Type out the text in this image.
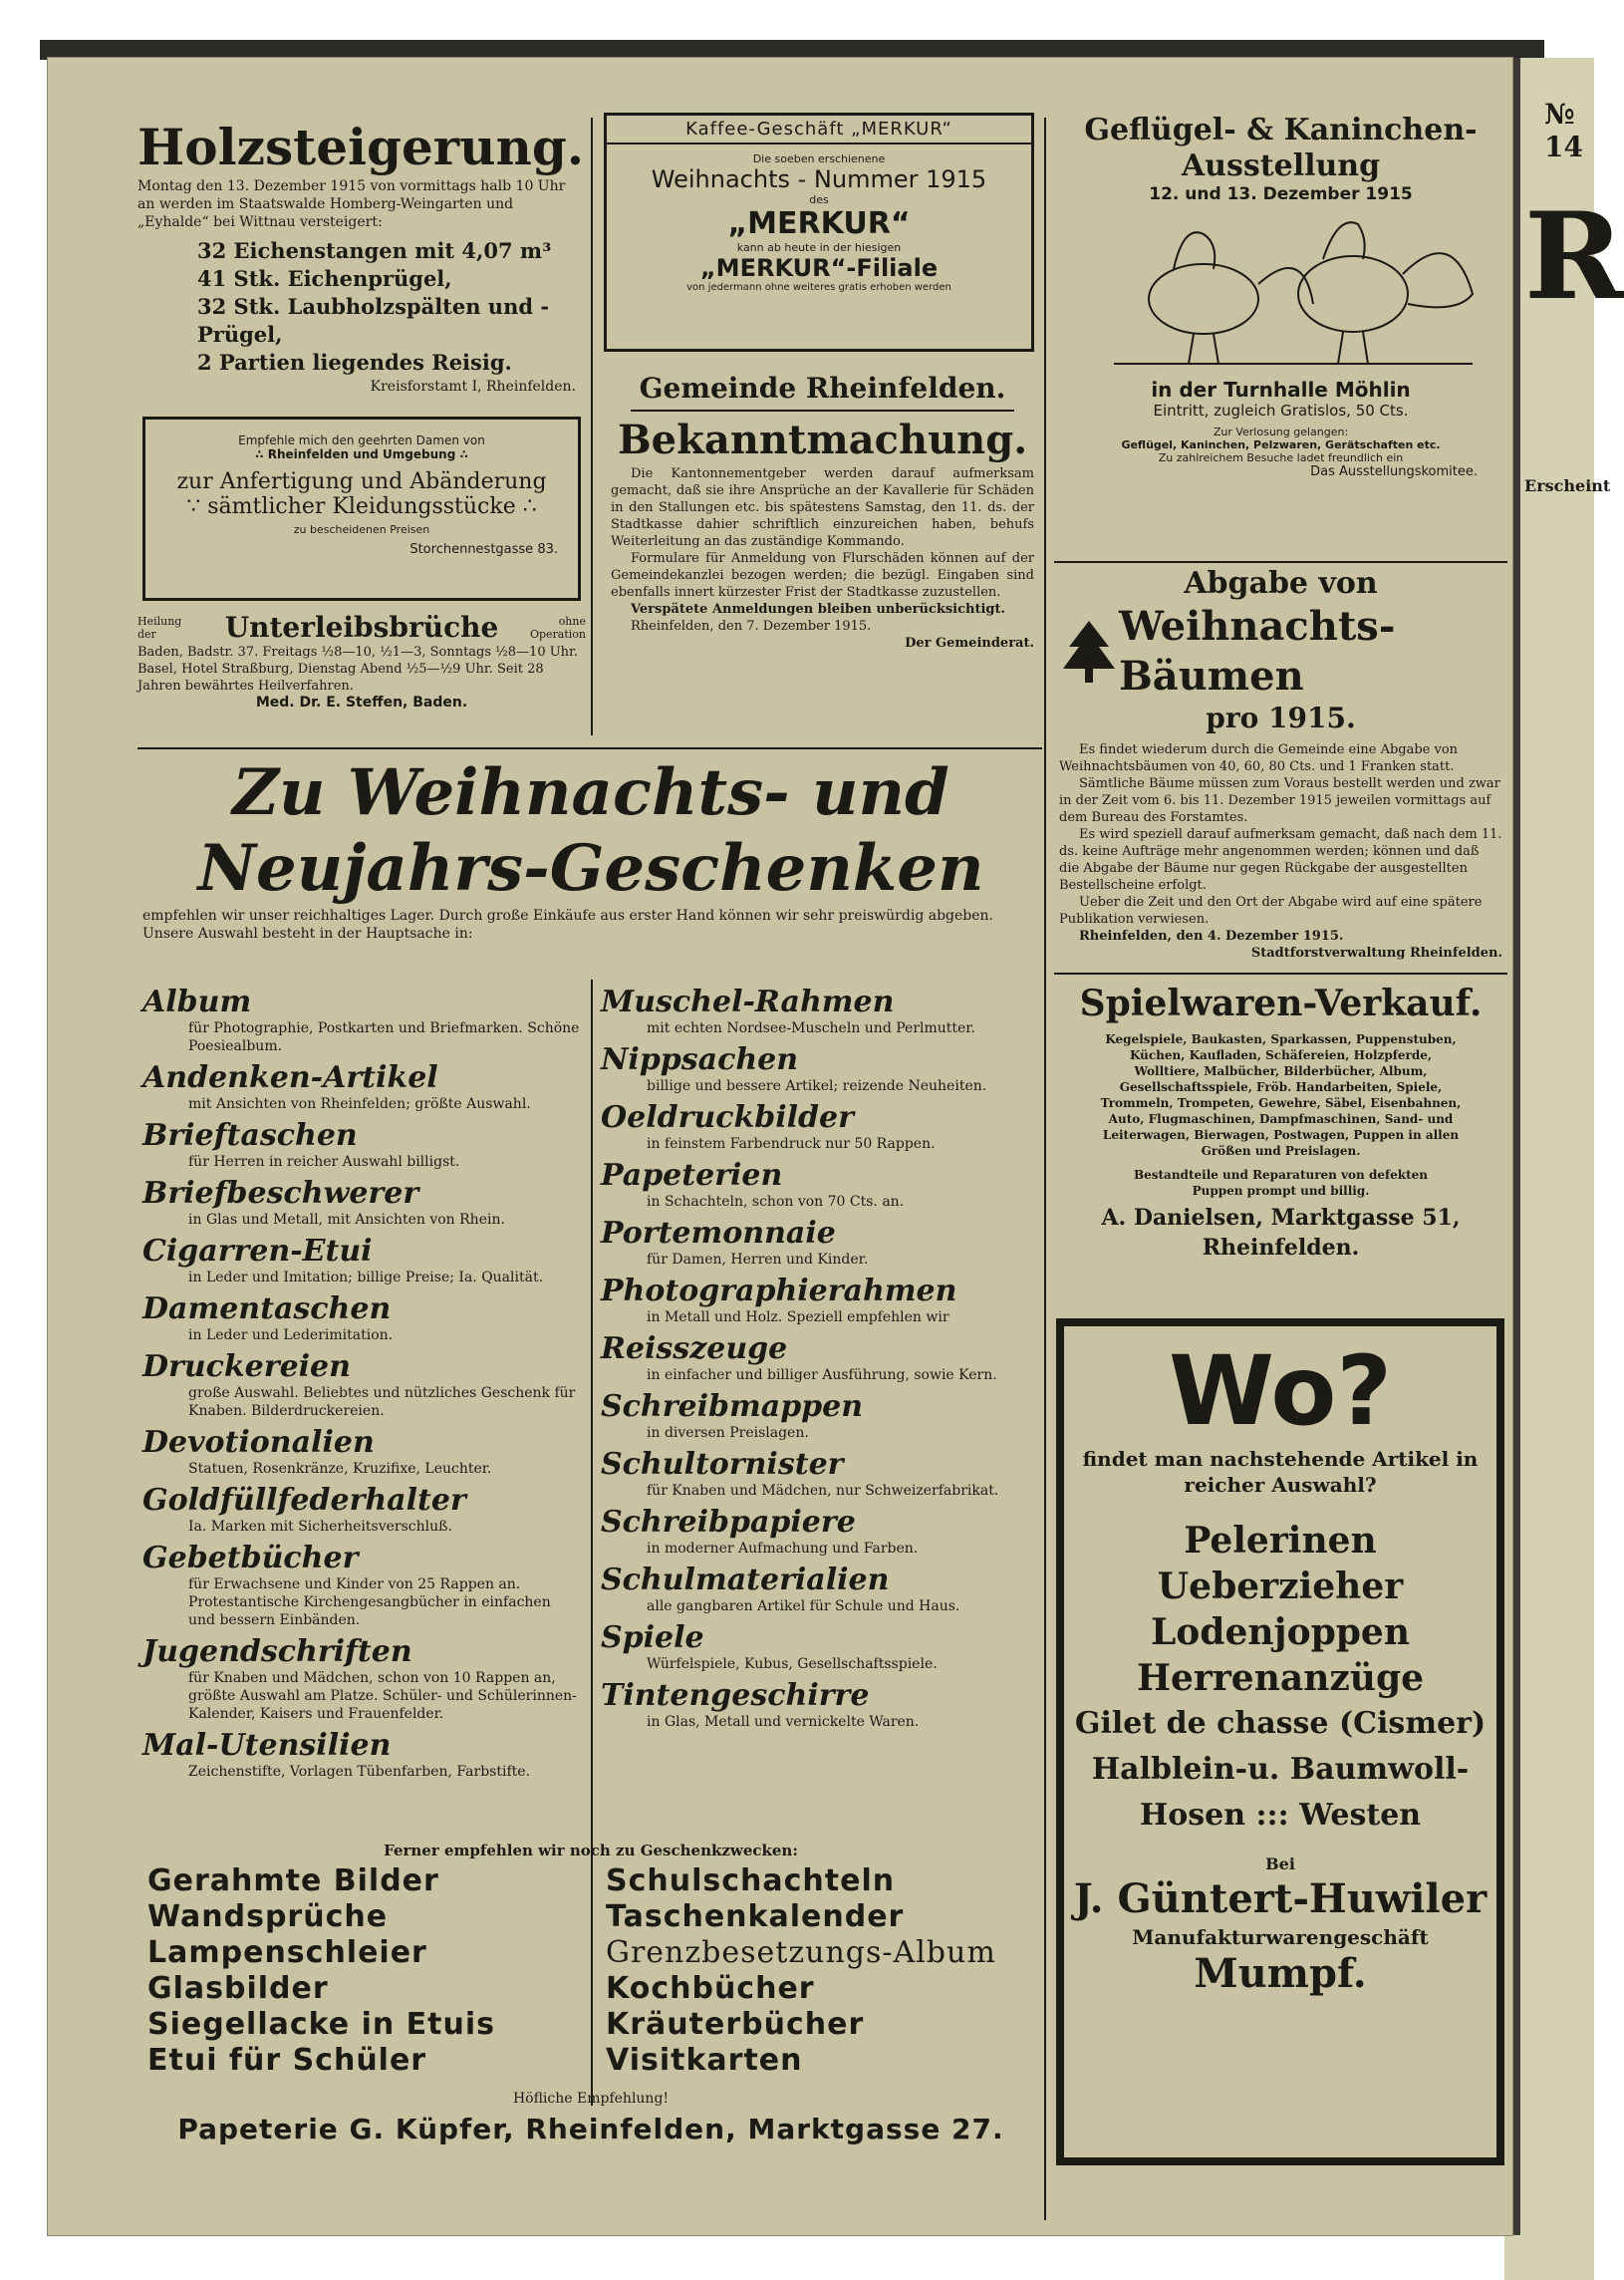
№ 14
R
Erscheint
Holzsteigerung.

Montag den 13. Dezember 1915 von vormittags halb 10 Uhr an werden im Staatswalde Homberg-Weingarten und „Eyhalde“ bei Wittnau versteigert:

32 Eichenstangen mit 4,07 m³
41 Stk. Eichenprügel,
32 Stk. Laubholzspälten und -Prügel,
2 Partien liegendes Reisig.
Kreisforstamt I, Rheinfelden.
Empfehle mich den geehrten Damen von
∴ Rheinfelden und Umgebung ∴
zur Anfertigung und Abänderung
∵ sämtlicher Kleidungsstücke ∴
zu bescheidenen Preisen
Storchennestgasse 83.
Heilung der	Unterleibsbrüche	ohne Operation

Baden, Badstr. 37. Freitags ½8—10, ½1—3, Sonntags ½8—10 Uhr.

Basel, Hotel Straßburg, Dienstag Abend ½5—½9 Uhr. Seit 28 Jahren bewährtes Heilverfahren.

Med. Dr. E. Steffen, Baden.
Kaffee-Geschäft „MERKUR“
Die soeben erschienene
Weihnachts - Nummer 1915
des
„MERKUR“
kann ab heute in der hiesigen
„MERKUR“-Filiale
von jedermann ohne weiteres gratis erhoben werden
Gemeinde Rheinfelden.
Bekanntmachung.

Die Kantonnementgeber werden darauf aufmerksam gemacht, daß sie ihre Ansprüche an der Kavallerie für Schäden in den Stallungen etc. bis spätestens Samstag, den 11. ds. der Stadtkasse dahier schriftlich einzureichen haben, behufs Weiterleitung an das zuständige Kommando.

Formulare für Anmeldung von Flurschäden können auf der Gemeindekanzlei bezogen werden; die bezügl. Eingaben sind ebenfalls innert kürzester Frist der Stadtkasse zuzustellen.

Verspätete Anmeldungen bleiben unberücksichtigt.

Rheinfelden, den 7. Dezember 1915.

Der Gemeinderat.

Geflügel- & Kaninchen-Ausstellung
12. und 13. Dezember 1915
in der Turnhalle Möhlin
Eintritt, zugleich Gratislos, 50 Cts.
Zur Verlosung gelangen:
Geflügel, Kaninchen, Pelzwaren, Gerätschaften etc.
Zu zahlreichem Besuche ladet freundlich ein
Das Ausstellungskomitee.
Abgabe von
Weihnachts-Bäumen
pro 1915.

Es findet wiederum durch die Gemeinde eine Abgabe von Weihnachtsbäumen von 40, 60, 80 Cts. und 1 Franken statt.

Sämtliche Bäume müssen zum Voraus bestellt werden und zwar in der Zeit vom 6. bis 11. Dezember 1915 jeweilen vormittags auf dem Bureau des Forstamtes.

Es wird speziell darauf aufmerksam gemacht, daß nach dem 11. ds. keine Aufträge mehr angenommen werden; können und daß die Abgabe der Bäume nur gegen Rückgabe der ausgestellten Bestellscheine erfolgt.

Ueber die Zeit und den Ort der Abgabe wird auf eine spätere Publikation verwiesen.

Rheinfelden, den 4. Dezember 1915.

Stadtforstverwaltung Rheinfelden.

Spielwaren-Verkauf.

Kegelspiele, Baukasten, Sparkassen, Puppenstuben, Küchen, Kaufladen, Schäfereien, Holzpferde, Wolltiere, Malbücher, Bilderbücher, Album, Gesellschaftsspiele, Fröb. Handarbeiten, Spiele, Trommeln, Trompeten, Gewehre, Säbel, Eisenbahnen, Auto, Flugmaschinen, Dampfmaschinen, Sand- und Leiterwagen, Bierwagen, Postwagen, Puppen in allen Größen und Preislagen.

Bestandteile und Reparaturen von defekten Puppen prompt und billig.

A. Danielsen, Marktgasse 51, Rheinfelden.
Wo?
findet man nachstehende Artikel in
reicher Auswahl?
Pelerinen
Ueberzieher
Lodenjoppen
Herrenanzüge
Gilet de chasse (Cismer)
Halblein-u. Baumwoll-
Hosen ::: Westen
Bei
J. Güntert-Huwiler
Manufakturwarengeschäft
Mumpf.
Zu Weihnachts- und
Neujahrs-Geschenken

empfehlen wir unser reichhaltiges Lager. Durch große Einkäufe aus erster Hand können wir sehr preiswürdig abgeben. Unsere Auswahl besteht in der Hauptsache in:

Album
für Photographie, Postkarten und Briefmarken. Schöne Poesiealbum.
Andenken-Artikel
mit Ansichten von Rheinfelden; größte Auswahl.
Brieftaschen
für Herren in reicher Auswahl billigst.
Briefbeschwerer
in Glas und Metall, mit Ansichten von Rhein.
Cigarren-Etui
in Leder und Imitation; billige Preise; Ia. Qualität.
Damentaschen
in Leder und Lederimitation.
Druckereien
große Auswahl. Beliebtes und nützliches Geschenk für Knaben. Bilderdruckereien.
Devotionalien
Statuen, Rosenkränze, Kruzifixe, Leuchter.
Goldfüllfederhalter
Ia. Marken mit Sicherheitsverschluß.
Gebetbücher
für Erwachsene und Kinder von 25 Rappen an. Protestantische Kirchengesangbücher in einfachen und bessern Einbänden.
Jugendschriften
für Knaben und Mädchen, schon von 10 Rappen an, größte Auswahl am Platze. Schüler- und Schülerinnen-Kalender, Kaisers und Frauenfelder.
Mal-Utensilien
Zeichenstifte, Vorlagen Tübenfarben, Farbstifte.
Muschel-Rahmen
mit echten Nordsee-Muscheln und Perlmutter.
Nippsachen
billige und bessere Artikel; reizende Neuheiten.
Oeldruckbilder
in feinstem Farbendruck nur 50 Rappen.
Papeterien
in Schachteln, schon von 70 Cts. an.
Portemonnaie
für Damen, Herren und Kinder.
Photographierahmen
in Metall und Holz. Speziell empfehlen wir
Reisszeuge
in einfacher und billiger Ausführung, sowie Kern.
Schreibmappen
in diversen Preislagen.
Schultornister
für Knaben und Mädchen, nur Schweizerfabrikat.
Schreibpapiere
in moderner Aufmachung und Farben.
Schulmaterialien
alle gangbaren Artikel für Schule und Haus.
Spiele
Würfelspiele, Kubus, Gesellschaftsspiele.
Tintengeschirre
in Glas, Metall und vernickelte Waren.
Ferner empfehlen wir noch zu Geschenkzwecken:
Gerahmte Bilder
Wandsprüche
Lampenschleier
Glasbilder
Siegellacke in Etuis
Etui für Schüler
Schulschachteln
Taschenkalender
Grenzbesetzungs-Album
Kochbücher
Kräuterbücher
Visitkarten
Höfliche Empfehlung!
Papeterie G. Küpfer, Rheinfelden, Marktgasse 27.
